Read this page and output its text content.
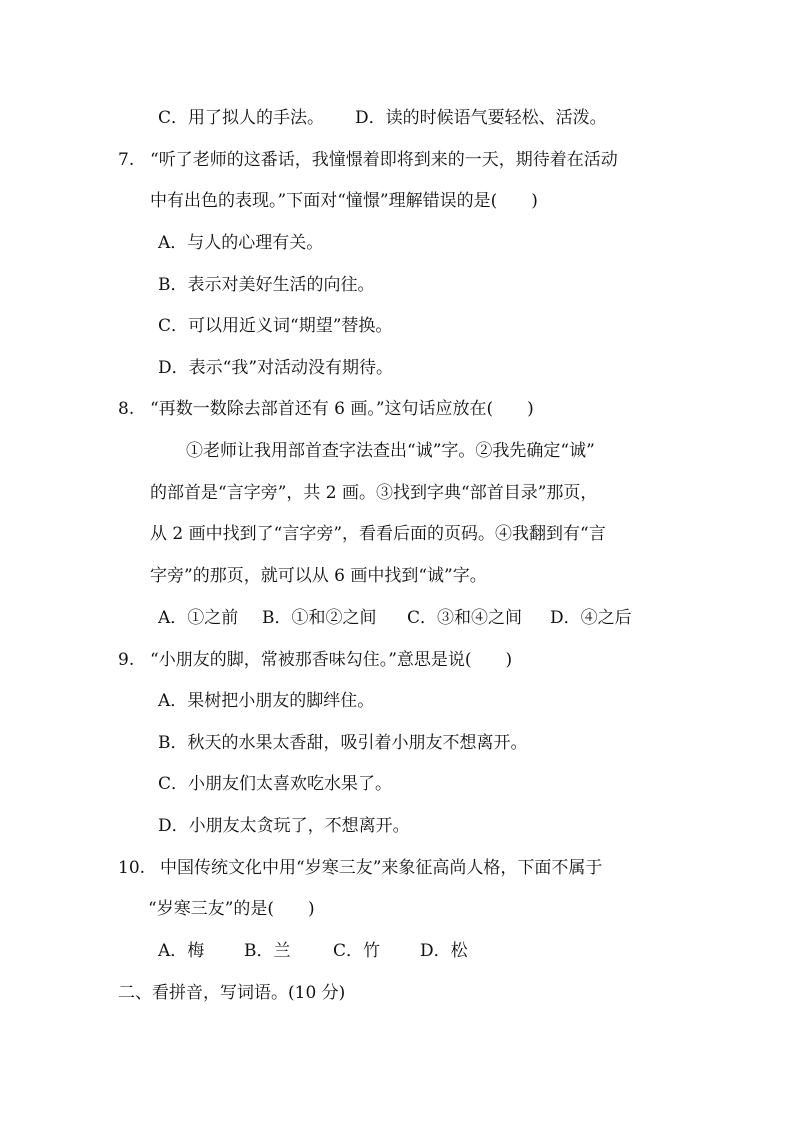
C．用了拟人的手法。 D．读的时候语气要轻松、活泼。
7. “听了老师的这番话，我憧憬着即将到来的一天，期待着在活动
中有出色的表现。”下面对“憧憬”理解错误的是(　　)
A．与人的心理有关。
B．表示对美好生活的向往。
C．可以用近义词“期望”替换。
D．表示“我”对活动没有期待。
8. “再数一数除去部首还有 6 画。”这句话应放在(　　)
①老师让我用部首查字法查出“诚”字。②我先确定“诚”
的部首是“言字旁”，共 2 画。③找到字典“部首目录”那页，
从 2 画中找到了“言字旁”，看看后面的页码。④我翻到有“言
字旁”的那页，就可以从 6 画中找到“诚”字。
A．①之前 B．①和②之间 C．③和④之间 D．④之后
9. “小朋友的脚，常被那香味勾住。”意思是说(　　)
A．果树把小朋友的脚绊住。
B．秋天的水果太香甜，吸引着小朋友不想离开。
C．小朋友们太喜欢吃水果了。
D．小朋友太贪玩了，不想离开。
10. 中国传统文化中用“岁寒三友”来象征高尚人格，下面不属于
“岁寒三友”的是(　　)
A．梅 B．兰	C．竹 D．松
二、看拼音，写词语。(10 分)
